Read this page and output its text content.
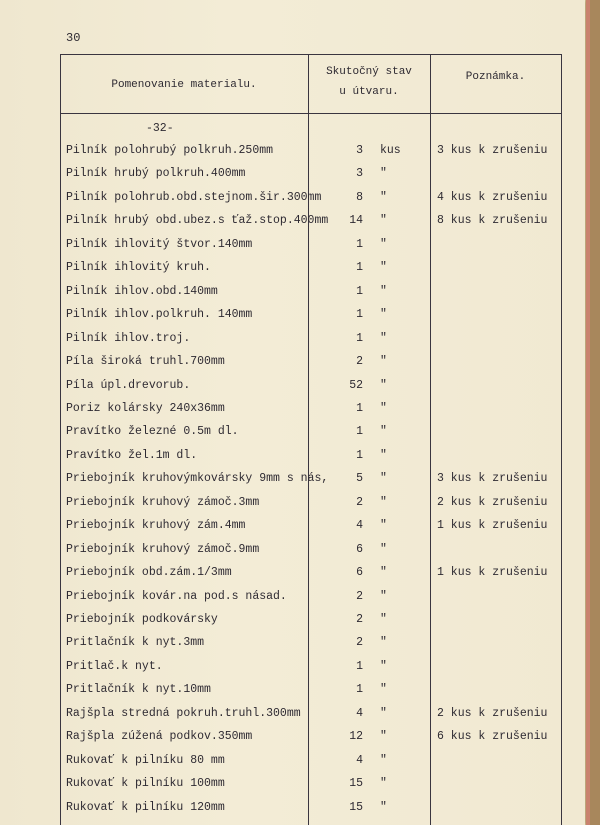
30
Pomenovanie materialu.
Skutočný stav
u útvaru.
Poznámka.
-32-
Pilník polohrubý polkruh.250mm	3 kus	3 kus k zrušeniu
Pilník hrubý polkruh.400mm	3 "
Pilník polohrub.obd.stejnom.šir.300mm	8 "	4 kus k zrušeniu
Pilník hrubý obd.ubez.s ťaž.stop.400mm 14 "	8 kus k zrušeniu
Pilník ihlovitý štvor.140mm	1 "
Pilník ihlovitý kruh.	1 "
Pilník ihlov.obd.140mm	1 "
Pilník ihlov.polkruh. 140mm	1 "
Pilník ihlov.troj.	1 "
Píla široká truhl.700mm	2 "
Píla úpl.drevorub.	52 "
Poriz kolársky 240x36mm	1 "
Pravítko železné 0.5m dl.	1 "
Pravítko žel.1m dl.	1 "
Priebojník kruhovýmkovársky 9mm s nás, 5 "	3 kus k zrušeniu
Priebojník kruhový zámoč.3mm	2 "	2 kus k zrušeniu
Priebojník kruhový zám.4mm	4 "	1 kus k zrušeniu
Priebojník kruhový zámoč.9mm	6 "
Priebojník obd.zám.1/3mm	6 "	1 kus k zrušeniu
Priebojník kovár.na pod.s násad.	2 "
Priebojník podkovársky	2 "
Pritlačník k nyt.3mm	2 "
Pritlač.k nyt.	1 "
Pritlačník k nyt.10mm	1 "
Rajšpla stredná pokruh.truhl.300mm	4 "	2 kus k zrušeniu
Rajšpla zúžená podkov.350mm	12 "	6 kus k zrušeniu
Rukovať k pilníku 80 mm	4 "
Rukovať k pilníku 100mm	15 "
Rukovať k pilníku 120mm	15 "
